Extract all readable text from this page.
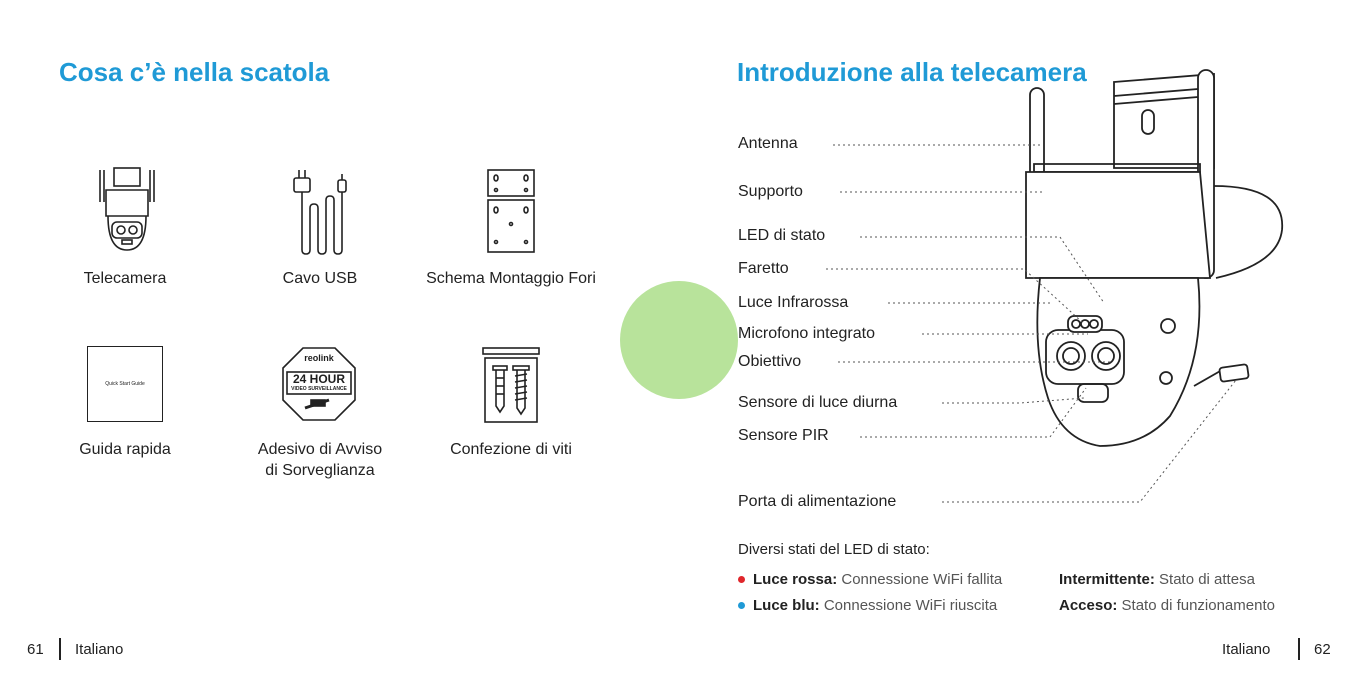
Cosa c’è nella scatola
Telecamera	Cavo USB	Schema Montaggio Fori
Quick Start Guide
Guida rapida
reolink
24 HOUR
VIDEO SURVEILLANCE
Adesivo di Avviso
di Sorveglianza
Confezione di viti
61 Italiano
Introduzione alla telecamera
Antenna
Supporto
LED di stato
Faretto
Luce Infrarossa
Microfono integrato
Obiettivo
Sensore di luce diurna
Sensore PIR
Porta di alimentazione
Diversi stati del LED di stato:
Luce rossa: Connessione WiFi fallita
Luce blu: Connessione WiFi riuscita
Intermittente: Stato di attesa
Acceso: Stato di funzionamento
Italiano	62
